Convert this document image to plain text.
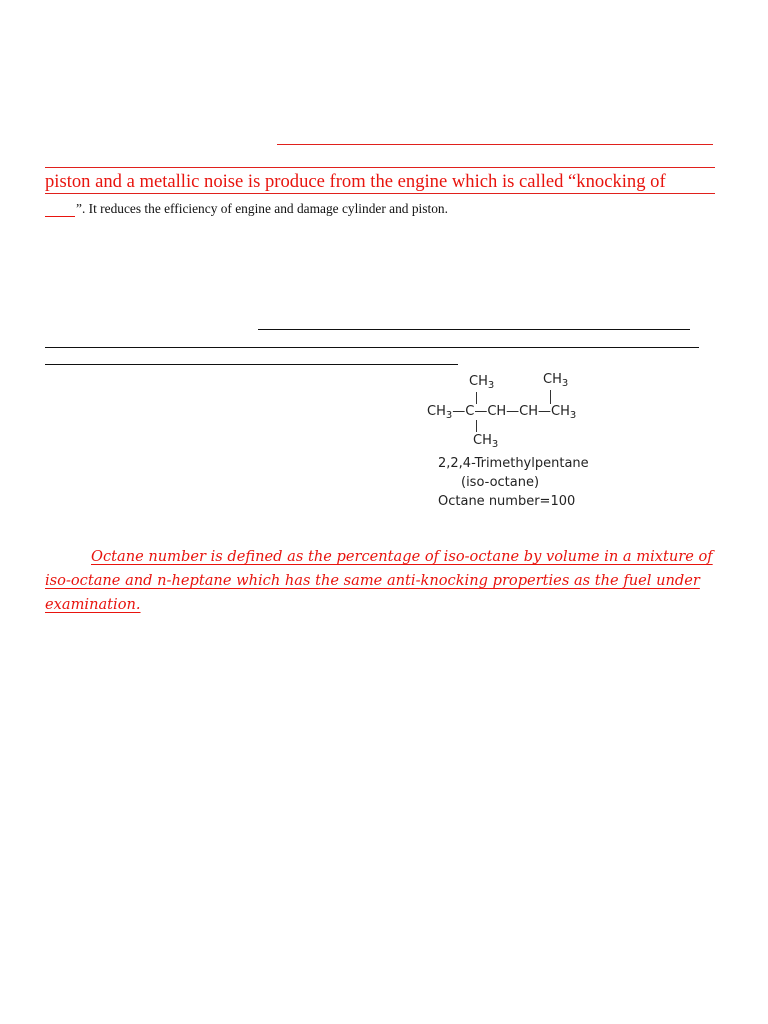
piston and a metallic noise is produce from the engine which is called “knocking of
”. It reduces the efficiency of engine and damage cylinder and piston.
$CH_3$	$CH_3$
$CH_3—C—CH—CH—CH_3$
$CH_3$
2,2,4-Trimethylpentane
(iso-octane)
Octane number=100
Octane number is defined as the percentage of iso-octane by volume in a mixture of iso-octane and n-heptane which has the same anti-knocking properties as the fuel under examination.
